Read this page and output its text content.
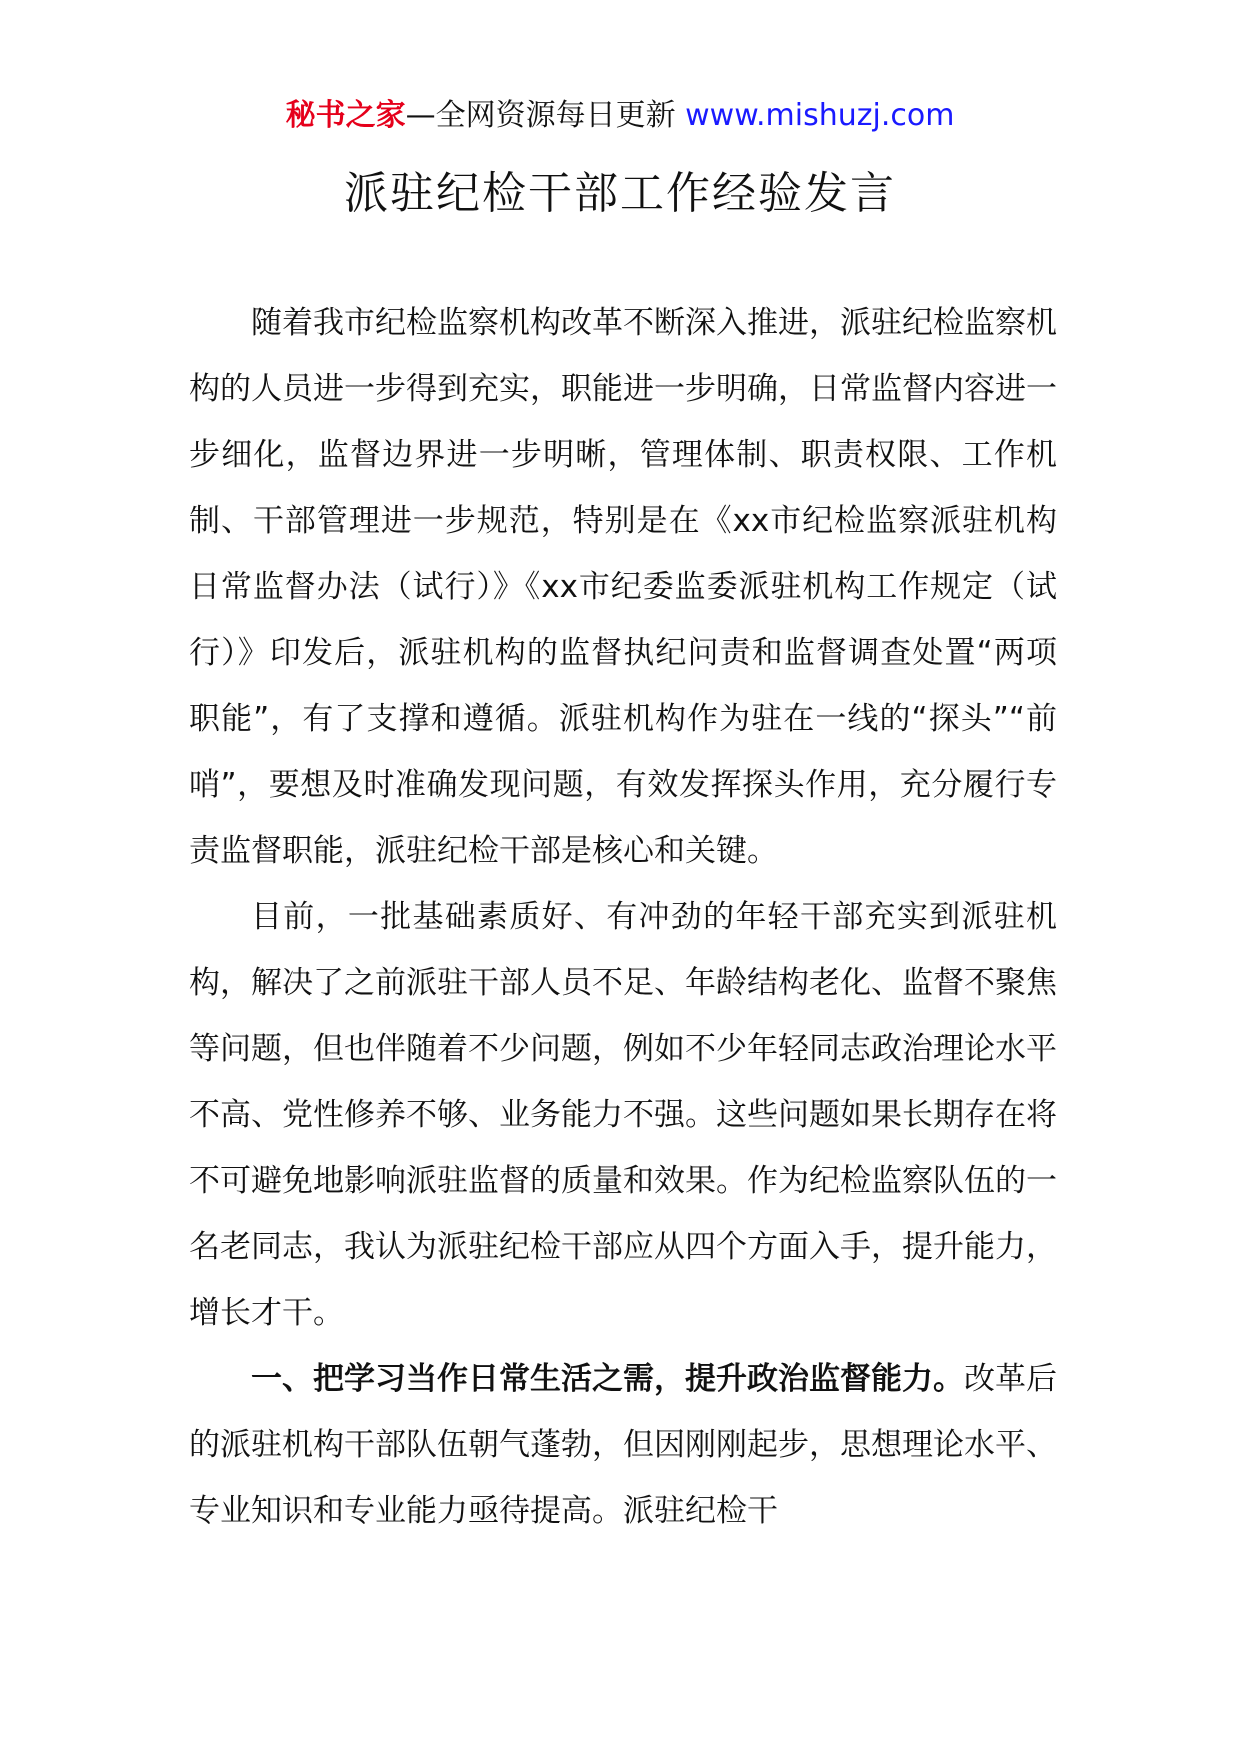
秘书之家—全网资源每日更新 www.mishuzj.com
派驻纪检干部工作经验发言

随着我市纪检监察机构改革不断深入推进，派驻纪检监察机构的人员进一步得到充实，职能进一步明确，日常监督内容进一步细化，监督边界进一步明晰，管理体制、职责权限、工作机制、干部管理进一步规范，特别是在《xx市纪检监察派驻机构日常监督办法（试行）》《xx市纪委监委派驻机构工作规定（试行）》印发后，派驻机构的监督执纪问责和监督调查处置“两项职能”，有了支撑和遵循。派驻机构作为驻在一线的“探头”“前哨”，要想及时准确发现问题，有效发挥探头作用，充分履行专责监督职能，派驻纪检干部是核心和关键。

目前，一批基础素质好、有冲劲的年轻干部充实到派驻机构，解决了之前派驻干部人员不足、年龄结构老化、监督不聚焦等问题，但也伴随着不少问题，例如不少年轻同志政治理论水平不高、党性修养不够、业务能力不强。这些问题如果长期存在将不可避免地影响派驻监督的质量和效果。作为纪检监察队伍的一名老同志，我认为派驻纪检干部应从四个方面入手，提升能力，增长才干。

一、把学习当作日常生活之需，提升政治监督能力。改革后的派驻机构干部队伍朝气蓬勃，但因刚刚起步，思想理论水平、专业知识和专业能力亟待提高。派驻纪检干
